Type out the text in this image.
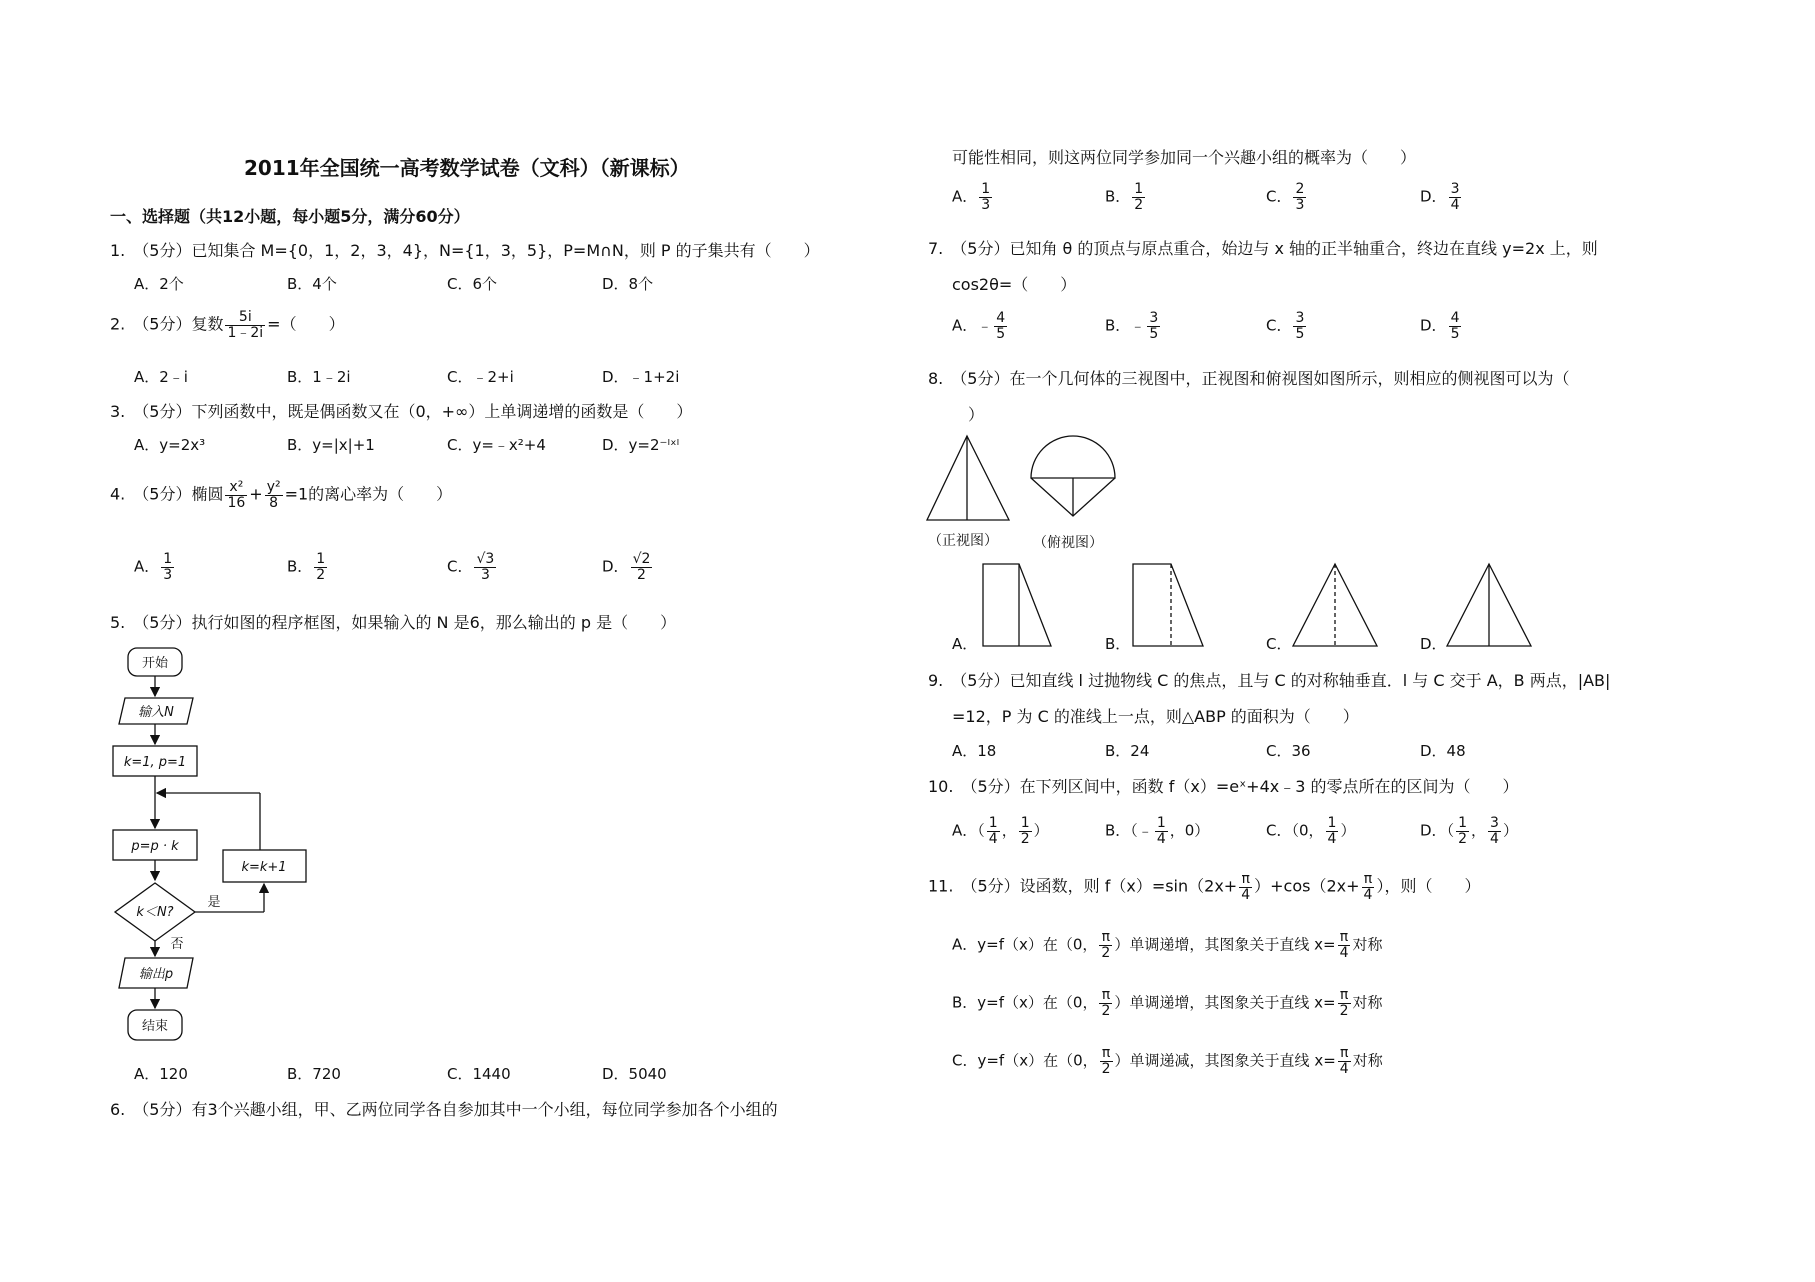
2011年全国统一高考数学试卷（文科）（新课标）
一、选择题（共12小题，每小题5分，满分60分）
1.　（5分）已知集合 M={0，1，2，3，4}，N={1，3，5}，P=M∩N，则 P 的子集共有（　　）
A．2个	B．4个	C．6个	D．8个
2.　（5分）复数 $\frac{5i}{1﹣2i}$ =（　　）
A．2﹣i	B．1﹣2i	C．﹣2+i	D．﹣1+2i
3.　（5分）下列函数中，既是偶函数又在（0，+∞）上单调递增的函数是（　　）
A．y=2x³	B．y=|x|+1	C．y=﹣x²+4	D．y=2⁻ˡˣˡ
4.　（5分）椭圆 $\frac{\text{x²}}{16} + \frac{\text{y²}}{8} =1$的离心率为（　　）
A． $\frac{1}{3}$	B． $\frac{1}{2}$	C． $\frac{√3}{3}$	D． $\frac{√2}{2}$
5.　（5分）执行如图的程序框图，如果输入的 N 是6，那么输出的 p 是（　　）
开始
输入N
k=1, p=1
p=p · k
k=k+1
k＜N?
是
否
输出p
结束
A．120	B．720	C．1440	D．5040
6.　（5分）有3个兴趣小组，甲、乙两位同学各自参加其中一个小组，每位同学参加各个小组的
可能性相同，则这两位同学参加同一个兴趣小组的概率为（　　）
A． $\frac{1}{3}$	B． $\frac{1}{2}$	C． $\frac{2}{3}$	D． $\frac{3}{4}$
7.　（5分）已知角 θ 的顶点与原点重合，始边与 x 轴的正半轴重合，终边在直线 y=2x 上，则
cos2θ=（　　）
A．﹣ $\frac{4}{5}$	B．﹣ $\frac{3}{5}$	C． $\frac{3}{5}$	D． $\frac{4}{5}$
8.　（5分）在一个几何体的三视图中，正视图和俯视图如图所示，则相应的侧视图可以为（
）
（正视图）	（俯视图）
A．	B．	C．	D．
9.　（5分）已知直线 l 过抛物线 C 的焦点，且与 C 的对称轴垂直．l 与 C 交于 A，B 两点，|AB|
=12，P 为 C 的准线上一点，则△ABP 的面积为（　　）
A．18	B．24	C．36	D．48
10.　（5分）在下列区间中，函数 f（x）=eˣ+4x﹣3 的零点所在的区间为（　　）
A．（ $\frac{1}{4}$ ， $\frac{1}{2}$ ）	B．（﹣ $\frac{1}{4}$ ，0）	C．（0， $\frac{1}{4}$ ）	D．（ $\frac{1}{2}$ ， $\frac{3}{4}$ ）
11.　（5分）设函数，则 $f(x)=\sin(2x+ \frac{\pi}{4} )+\cos(2x+ \frac{\pi}{4}$ ），则（　　）
A．y=f（x）在（0， $\frac{\pi}{2}$ ）单调递增，其图象关于直线 $x= \frac{\pi}{4}$ 对称
B．y=f（x）在（0， $\frac{\pi}{2}$ ）单调递增，其图象关于直线 $x= \frac{\pi}{2}$ 对称
C．y=f（x）在（0， $\frac{\pi}{2}$ ）单调递减，其图象关于直线 $x= \frac{\pi}{4}$ 对称
